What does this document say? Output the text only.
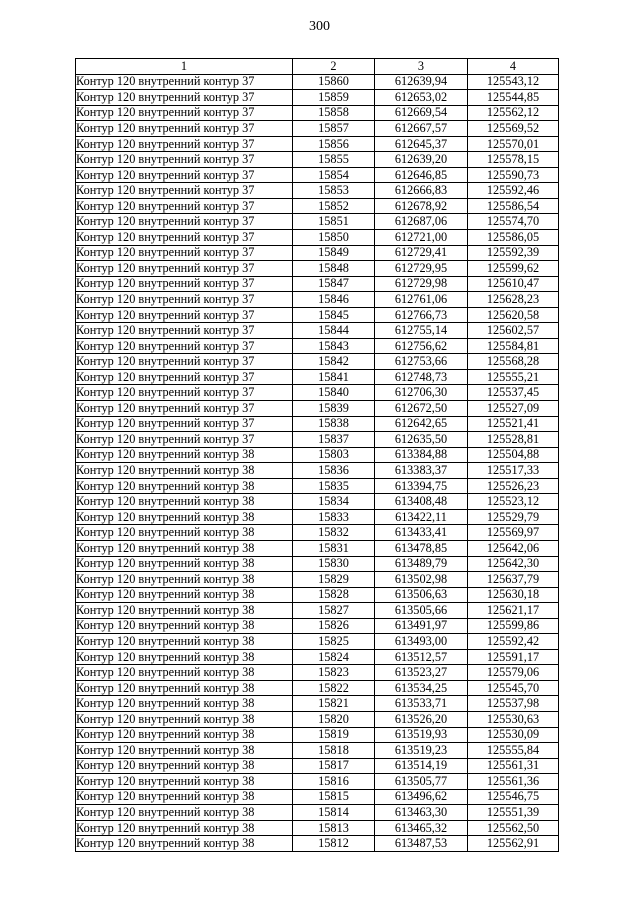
300
1	2	3	4
Контур 120 внутренний контур 37	15860	612639,94	125543,12
Контур 120 внутренний контур 37	15859	612653,02	125544,85
Контур 120 внутренний контур 37	15858	612669,54	125562,12
Контур 120 внутренний контур 37	15857	612667,57	125569,52
Контур 120 внутренний контур 37	15856	612645,37	125570,01
Контур 120 внутренний контур 37	15855	612639,20	125578,15
Контур 120 внутренний контур 37	15854	612646,85	125590,73
Контур 120 внутренний контур 37	15853	612666,83	125592,46
Контур 120 внутренний контур 37	15852	612678,92	125586,54
Контур 120 внутренний контур 37	15851	612687,06	125574,70
Контур 120 внутренний контур 37	15850	612721,00	125586,05
Контур 120 внутренний контур 37	15849	612729,41	125592,39
Контур 120 внутренний контур 37	15848	612729,95	125599,62
Контур 120 внутренний контур 37	15847	612729,98	125610,47
Контур 120 внутренний контур 37	15846	612761,06	125628,23
Контур 120 внутренний контур 37	15845	612766,73	125620,58
Контур 120 внутренний контур 37	15844	612755,14	125602,57
Контур 120 внутренний контур 37	15843	612756,62	125584,81
Контур 120 внутренний контур 37	15842	612753,66	125568,28
Контур 120 внутренний контур 37	15841	612748,73	125555,21
Контур 120 внутренний контур 37	15840	612706,30	125537,45
Контур 120 внутренний контур 37	15839	612672,50	125527,09
Контур 120 внутренний контур 37	15838	612642,65	125521,41
Контур 120 внутренний контур 37	15837	612635,50	125528,81
Контур 120 внутренний контур 38	15803	613384,88	125504,88
Контур 120 внутренний контур 38	15836	613383,37	125517,33
Контур 120 внутренний контур 38	15835	613394,75	125526,23
Контур 120 внутренний контур 38	15834	613408,48	125523,12
Контур 120 внутренний контур 38	15833	613422,11	125529,79
Контур 120 внутренний контур 38	15832	613433,41	125569,97
Контур 120 внутренний контур 38	15831	613478,85	125642,06
Контур 120 внутренний контур 38	15830	613489,79	125642,30
Контур 120 внутренний контур 38	15829	613502,98	125637,79
Контур 120 внутренний контур 38	15828	613506,63	125630,18
Контур 120 внутренний контур 38	15827	613505,66	125621,17
Контур 120 внутренний контур 38	15826	613491,97	125599,86
Контур 120 внутренний контур 38	15825	613493,00	125592,42
Контур 120 внутренний контур 38	15824	613512,57	125591,17
Контур 120 внутренний контур 38	15823	613523,27	125579,06
Контур 120 внутренний контур 38	15822	613534,25	125545,70
Контур 120 внутренний контур 38	15821	613533,71	125537,98
Контур 120 внутренний контур 38	15820	613526,20	125530,63
Контур 120 внутренний контур 38	15819	613519,93	125530,09
Контур 120 внутренний контур 38	15818	613519,23	125555,84
Контур 120 внутренний контур 38	15817	613514,19	125561,31
Контур 120 внутренний контур 38	15816	613505,77	125561,36
Контур 120 внутренний контур 38	15815	613496,62	125546,75
Контур 120 внутренний контур 38	15814	613463,30	125551,39
Контур 120 внутренний контур 38	15813	613465,32	125562,50
Контур 120 внутренний контур 38	15812	613487,53	125562,91
